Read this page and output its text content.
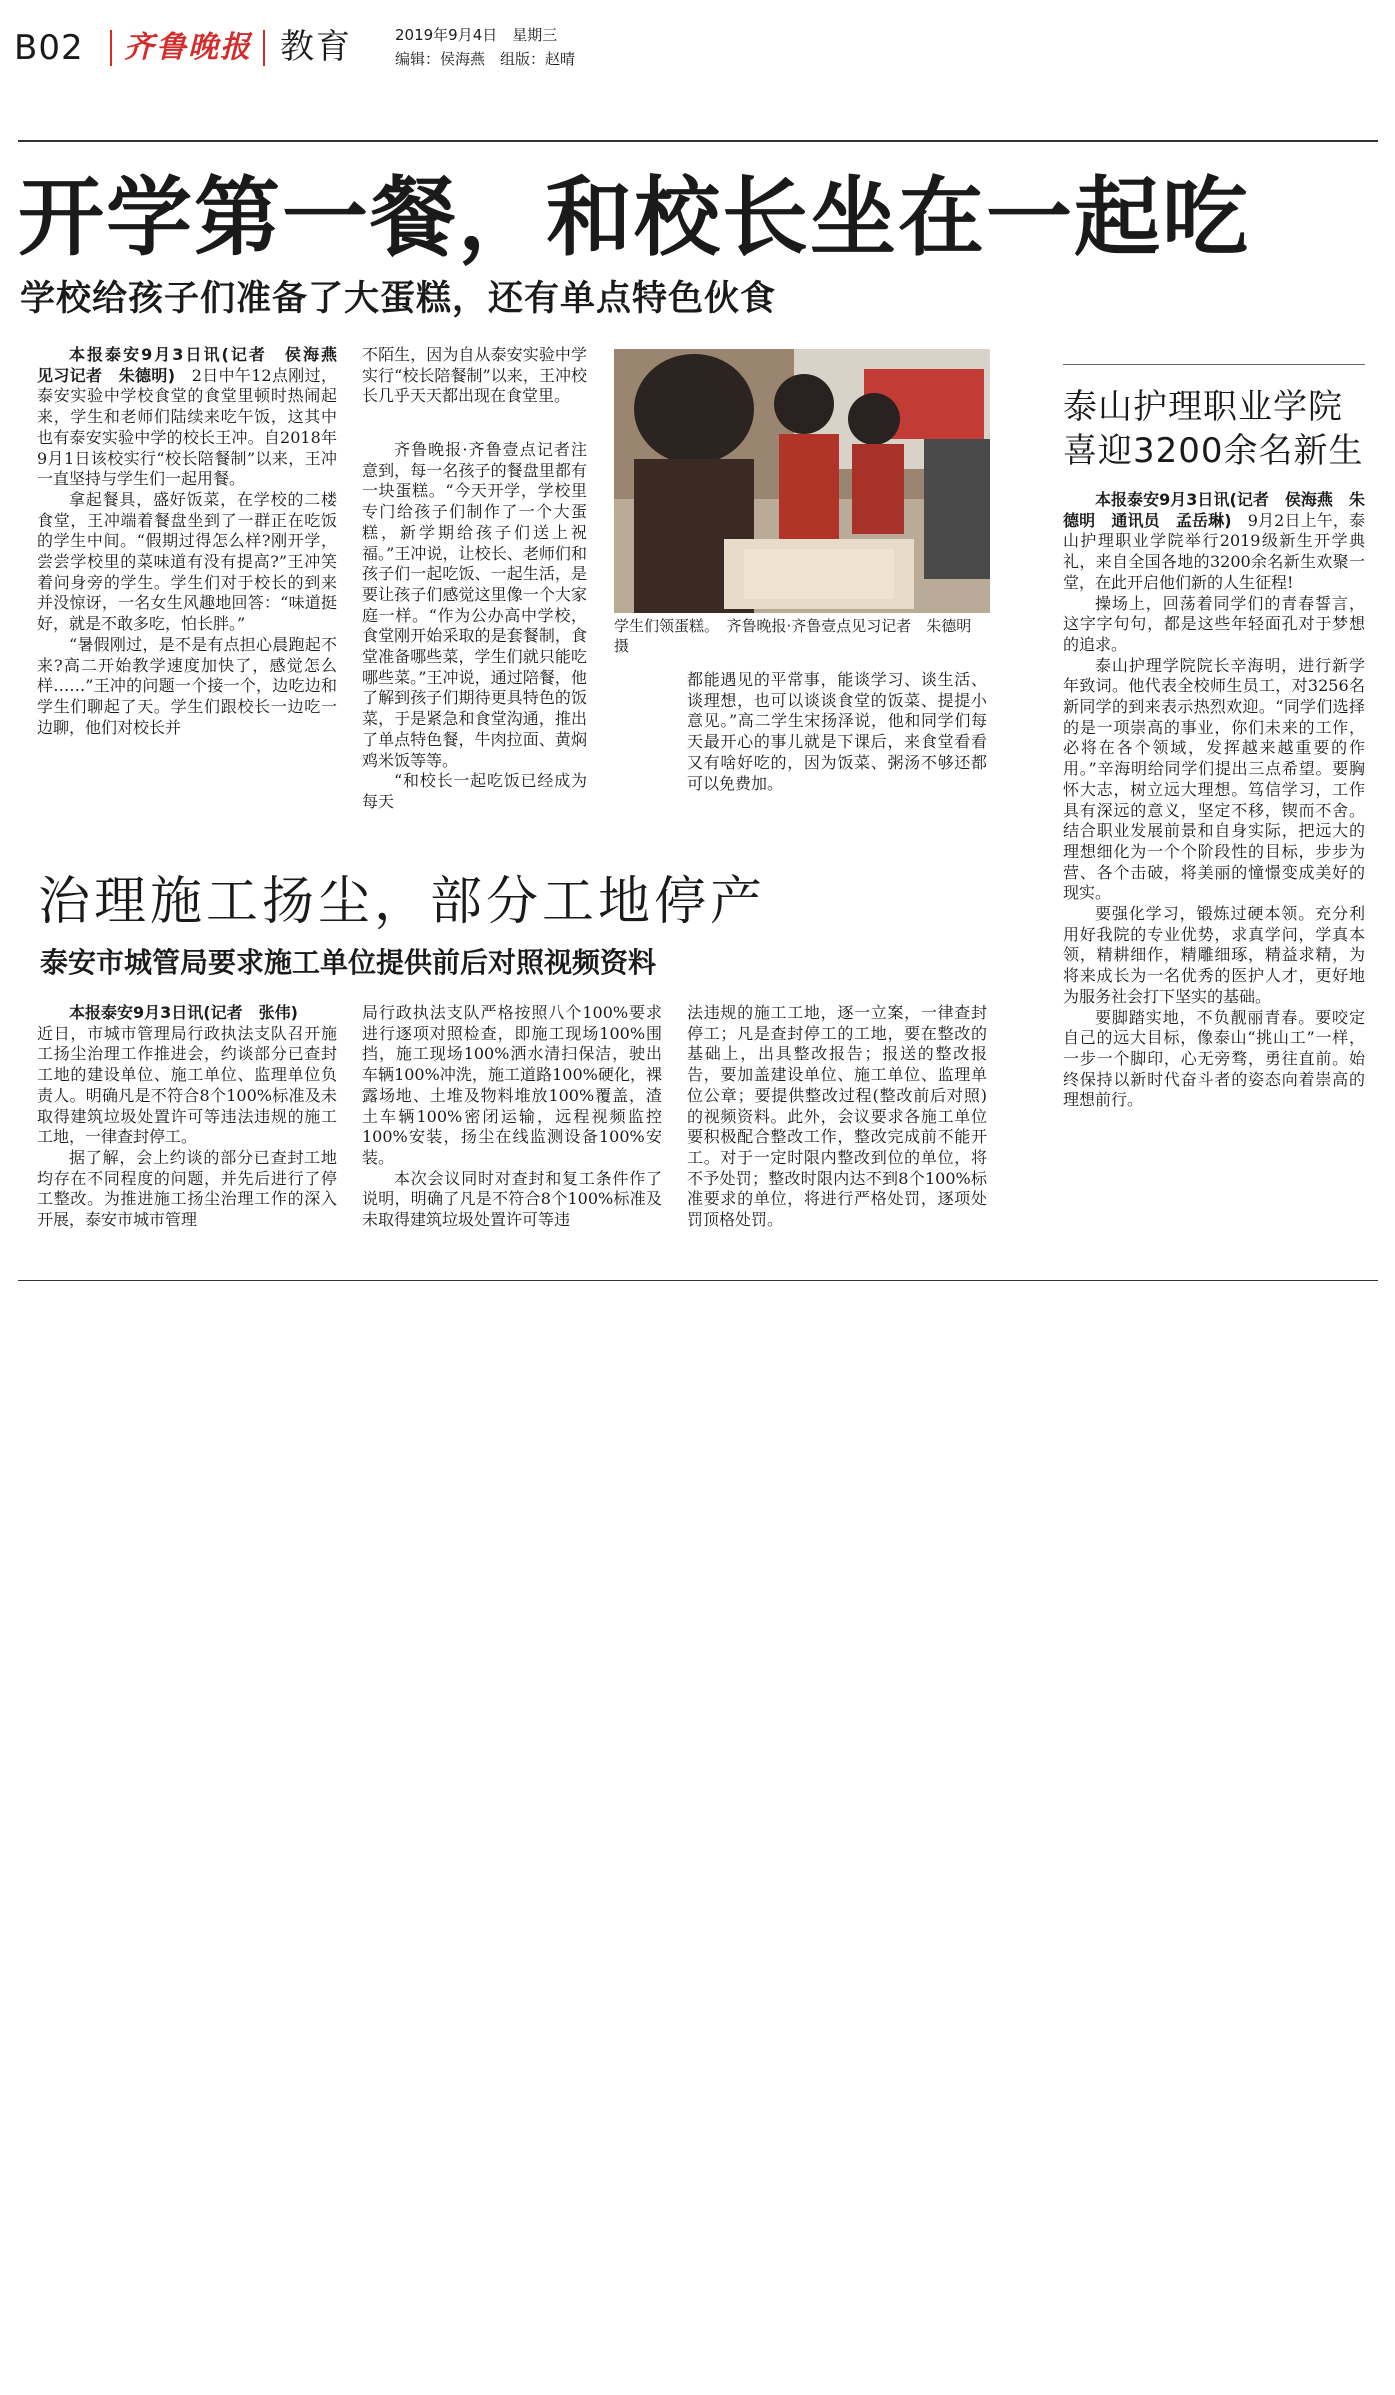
B02 齐鲁晚报 教育	2019年9月4日　星期三
编辑：侯海燕　组版：赵晴
开学第一餐，和校长坐在一起吃
学校给孩子们准备了大蛋糕，还有单点特色伙食

本报泰安9月3日讯(记者　侯海燕　见习记者　朱德明)　 2日中午12点刚过，泰安实验中学校食堂的食堂里顿时热闹起来，学生和老师们陆续来吃午饭，这其中也有泰安实验中学的校长王冲。自2018年9月1日该校实行“校长陪餐制”以来，王冲一直坚持与学生们一起用餐。

拿起餐具，盛好饭菜，在学校的二楼食堂，王冲端着餐盘坐到了一群正在吃饭的学生中间。“假期过得怎么样?刚开学，尝尝学校里的菜味道有没有提高?”王冲笑着问身旁的学生。学生们对于校长的到来并没惊讶，一名女生风趣地回答：“味道挺好，就是不敢多吃，怕长胖。”

“暑假刚过，是不是有点担心晨跑起不来?高二开始教学速度加快了，感觉怎么样……”王冲的问题一个接一个，边吃边和学生们聊起了天。学生们跟校长一边吃一边聊，他们对校长并

不陌生，因为自从泰安实验中学实行“校长陪餐制”以来，王冲校长几乎天天都出现在食堂里。

齐鲁晚报·齐鲁壹点记者注意到，每一名孩子的餐盘里都有一块蛋糕。“今天开学，学校里专门给孩子们制作了一个大蛋糕，新学期给孩子们送上祝福。”王冲说，让校长、老师们和孩子们一起吃饭、一起生活，是要让孩子们感觉这里像一个大家庭一样。“作为公办高中学校，食堂刚开始采取的是套餐制，食堂准备哪些菜，学生们就只能吃哪些菜。”王冲说，通过陪餐，他了解到孩子们期待更具特色的饭菜，于是紧急和食堂沟通，推出了单点特色餐，牛肉拉面、黄焖鸡米饭等等。

“和校长一起吃饭已经成为每天

学生们领蛋糕。　齐鲁晚报·齐鲁壹点见习记者　朱德明　摄

都能遇见的平常事，能谈学习、谈生活、谈理想，也可以谈谈食堂的饭菜、提提小意见。”高二学生宋扬泽说，他和同学们每天最开心的事儿就是下课后，来食堂看看又有啥好吃的，因为饭菜、粥汤不够还都可以免费加。

治理施工扬尘，部分工地停产
泰安市城管局要求施工单位提供前后对照视频资料

本报泰安9月3日讯(记者　张伟)

近日，市城市管理局行政执法支队召开施工扬尘治理工作推进会，约谈部分已查封工地的建设单位、施工单位、监理单位负责人。明确凡是不符合8个100%标准及未取得建筑垃圾处置许可等违法违规的施工工地，一律查封停工。

据了解，会上约谈的部分已查封工地均存在不同程度的问题，并先后进行了停工整改。为推进施工扬尘治理工作的深入开展，泰安市城市管理

局行政执法支队严格按照八个100%要求进行逐项对照检查，即施工现场100%围挡，施工现场100%洒水清扫保洁，驶出车辆100%冲洗，施工道路100%硬化，裸露场地、土堆及物料堆放100%覆盖，渣土车辆100%密闭运输，远程视频监控100%安装，扬尘在线监测设备100%安装。

本次会议同时对查封和复工条件作了说明，明确了凡是不符合8个100%标准及未取得建筑垃圾处置许可等违

法违规的施工工地，逐一立案，一律查封停工；凡是查封停工的工地，要在整改的基础上，出具整改报告；报送的整改报告，要加盖建设单位、施工单位、监理单位公章；要提供整改过程(整改前后对照)的视频资料。此外，会议要求各施工单位要积极配合整改工作，整改完成前不能开工。对于一定时限内整改到位的单位，将不予处罚；整改时限内达不到8个100%标准要求的单位，将进行严格处罚，逐项处罚顶格处罚。

泰山护理职业学院
喜迎3200余名新生

本报泰安9月3日讯(记者　侯海燕　朱德明　通讯员　孟岳琳)　 9月2日上午，泰山护理职业学院举行2019级新生开学典礼，来自全国各地的3200余名新生欢聚一堂，在此开启他们新的人生征程!

操场上，回荡着同学们的青春誓言，这字字句句，都是这些年轻面孔对于梦想的追求。

泰山护理学院院长辛海明，进行新学年致词。他代表全校师生员工，对3256名新同学的到来表示热烈欢迎。“同学们选择的是一项崇高的事业，你们未来的工作，必将在各个领域，发挥越来越重要的作用。”辛海明给同学们提出三点希望。要胸怀大志，树立远大理想。笃信学习，工作具有深远的意义，坚定不移，锲而不舍。结合职业发展前景和自身实际，把远大的理想细化为一个个阶段性的目标，步步为营、各个击破，将美丽的憧憬变成美好的现实。

要强化学习，锻炼过硬本领。充分利用好我院的专业优势，求真学问，学真本领，精耕细作，精雕细琢，精益求精，为将来成长为一名优秀的医护人才，更好地为服务社会打下坚实的基础。

要脚踏实地，不负靓丽青春。要咬定自己的远大目标，像泰山“挑山工”一样，一步一个脚印，心无旁骛，勇往直前。始终保持以新时代奋斗者的姿态向着崇高的理想前行。
